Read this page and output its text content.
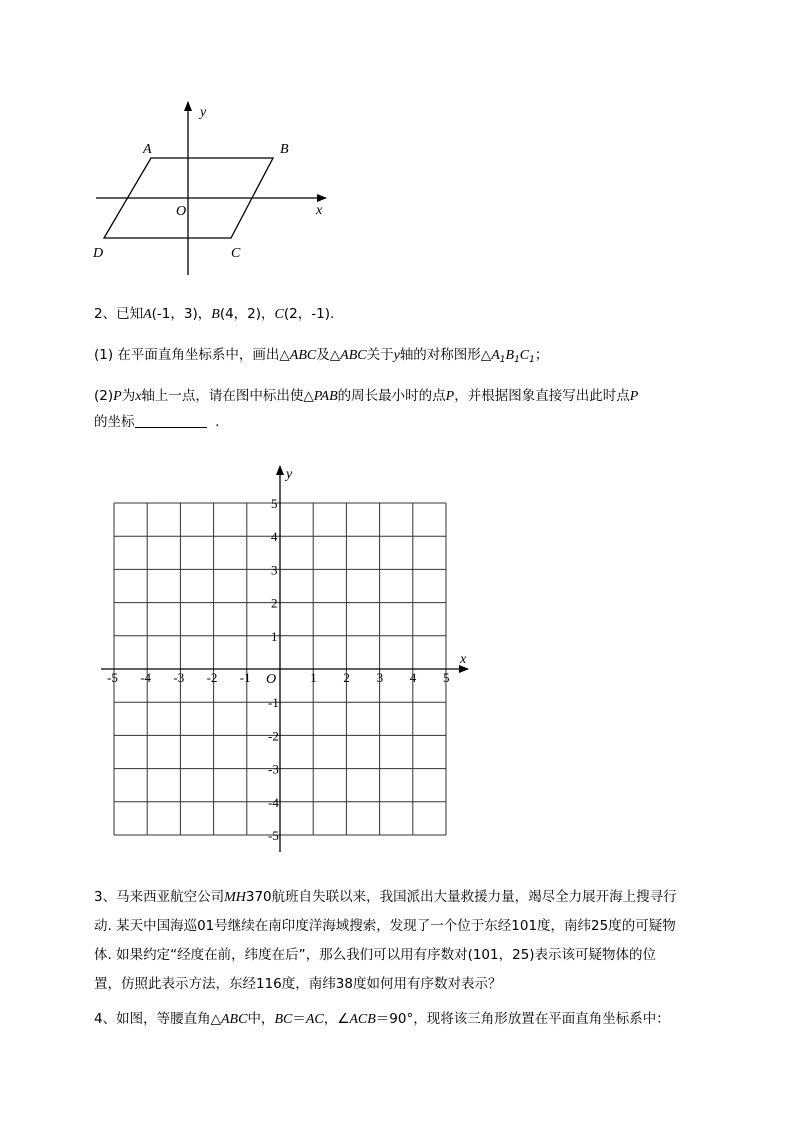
y
x
O
A	B
C
D
2、已知A(-1，3)，B(4，2)，C(2，-1).
(1) 在平面直角坐标系中，画出△ABC及△ABC关于y轴的对称图形$\triangle A_1B_1C_1$；
(2)P为x轴上一点，请在图中标出使△PAB的周长最小时的点P，并根据图象直接写出此时点P
的坐标	.
-5 -4 -3 -2 -1	1 2 3 4 5
5
4
3
2
1
-1
-2
-3
-4
-5
y
x
O
3、马来西亚航空公司MH370航班自失联以来，我国派出大量救援力量，竭尽全力展开海上搜寻行
动. 某天中国海巡01号继续在南印度洋海域搜索，发现了一个位于东经101度，南纬25度的可疑物
体. 如果约定“经度在前，纬度在后”，那么我们可以用有序数对(101，25)表示该可疑物体的位
置，仿照此表示方法，东经116度，南纬38度如何用有序数对表示？
4、如图，等腰直角△ABC中，BC＝AC，∠ACB＝90°，现将该三角形放置在平面直角坐标系中：
